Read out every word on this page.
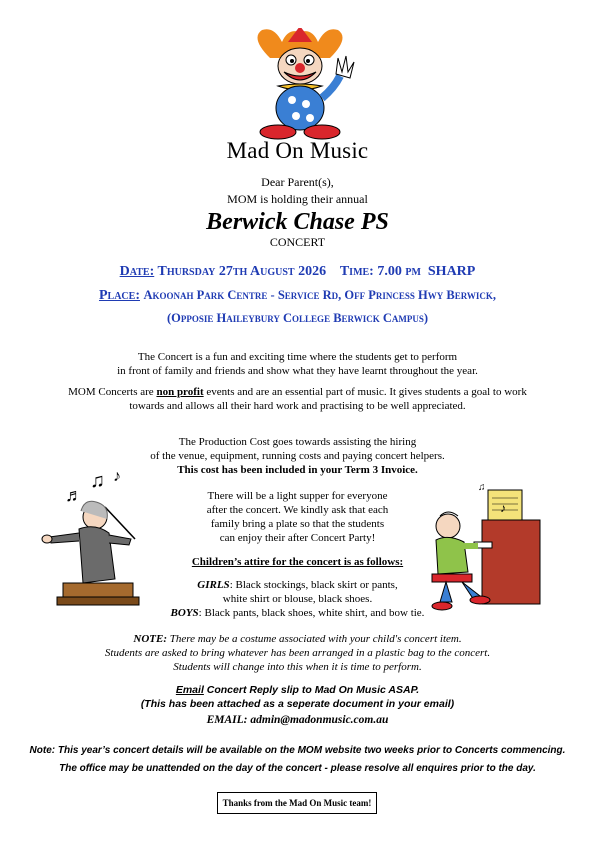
Mad On Music
Dear Parent(s),
MOM is holding their annual
Berwick Chase PS
CONCERT
Date: Thursday 27th August 2026 Time: 7.00 pm SHARP
Place: Akoonah Park Centre - Service Rd, Off Princess Hwy Berwick,
(Opposie Haileybury College Berwick Campus)
The Concert is a fun and exciting time where the students get to perform
in front of family and friends and show what they have learnt throughout the year.
MOM Concerts are non profit events and are an essential part of music. It gives students a goal to work
towards and allows all their hard work and practising to be well appreciated.
The Production Cost goes towards assisting the hiring
of the venue, equipment, running costs and paying concert helpers.
This cost has been included in your Term 3 Invoice.
♫ ♪
♬	There will be a light supper for everyone
after the concert. We kindly ask that each
family bring a plate so that the students
can enjoy their after Concert Party!
♪
♫
Children’s attire for the concert is as follows:
GIRLS: Black stockings, black skirt or pants,
white shirt or blouse, black shoes.
BOYS: Black pants, black shoes, white shirt, and bow tie.
NOTE: There may be a costume associated with your child's concert item.
Students are asked to bring whatever has been arranged in a plastic bag to the concert.
Students will change into this when it is time to perform.
Email Concert Reply slip to Mad On Music ASAP.
(This has been attached as a seperate document in your email)
EMAIL: admin@madonmusic.com.au
Note: This year’s concert details will be available on the MOM website two weeks prior to Concerts commencing.
The office may be unattended on the day of the concert - please resolve all enquires prior to the day.
Thanks from the Mad On Music team!
